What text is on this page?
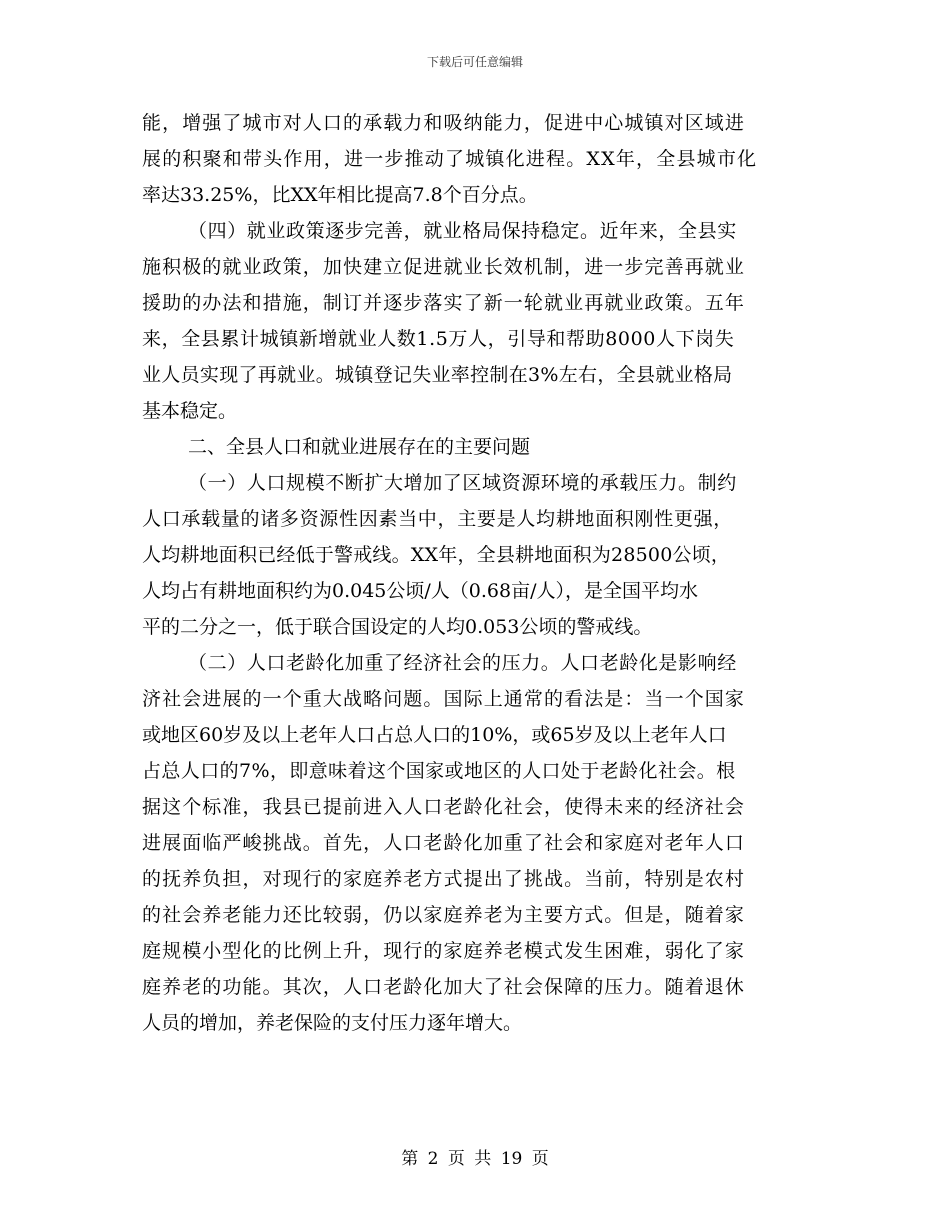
下载后可任意编辑
能，增强了城市对人口的承载力和吸纳能力，促进中心城镇对区域进
展的积聚和带头作用，进一步推动了城镇化进程。XX年，全县城市化
率达33.25%，比XX年相比提高7.8个百分点。
（四）就业政策逐步完善，就业格局保持稳定。近年来，全县实
施积极的就业政策，加快建立促进就业长效机制，进一步完善再就业
援助的办法和措施，制订并逐步落实了新一轮就业再就业政策。五年
来，全县累计城镇新增就业人数1.5万人，引导和帮助8000人下岗失
业人员实现了再就业。城镇登记失业率控制在3%左右，全县就业格局
基本稳定。
二、全县人口和就业进展存在的主要问题
（一）人口规模不断扩大增加了区域资源环境的承载压力。制约
人口承载量的诸多资源性因素当中，主要是人均耕地面积刚性更强，
人均耕地面积已经低于警戒线。XX年，全县耕地面积为28500公顷，
人均占有耕地面积约为0.045公顷/人（0.68亩/人），是全国平均水
平的二分之一，低于联合国设定的人均0.053公顷的警戒线。
（二）人口老龄化加重了经济社会的压力。人口老龄化是影响经
济社会进展的一个重大战略问题。国际上通常的看法是：当一个国家
或地区60岁及以上老年人口占总人口的10%，或65岁及以上老年人口
占总人口的7%，即意味着这个国家或地区的人口处于老龄化社会。根
据这个标准，我县已提前进入人口老龄化社会，使得未来的经济社会
进展面临严峻挑战。首先，人口老龄化加重了社会和家庭对老年人口
的抚养负担，对现行的家庭养老方式提出了挑战。当前，特别是农村
的社会养老能力还比较弱，仍以家庭养老为主要方式。但是，随着家
庭规模小型化的比例上升，现行的家庭养老模式发生困难，弱化了家
庭养老的功能。其次，人口老龄化加大了社会保障的压力。随着退休
人员的增加，养老保险的支付压力逐年增大。
第 2 页 共 19 页
